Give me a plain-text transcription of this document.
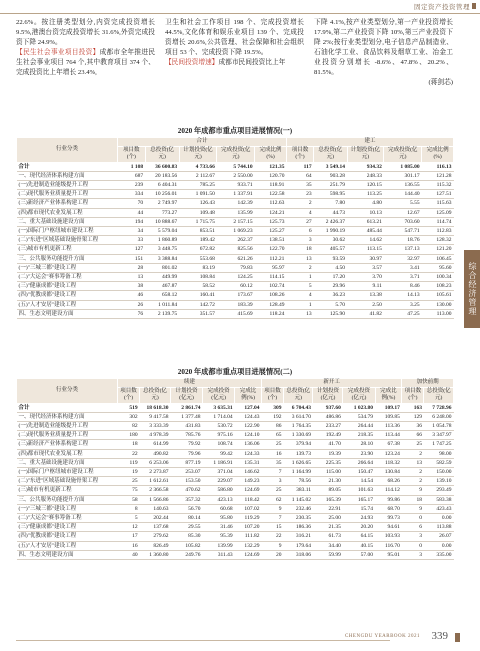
固定资产投资管理

22.6%。按注册类型划分,内资完成投资增长 9.5%,港澳台资完成投资增长 31.6%,外资完成投资下降 24.9%。

【民生社会事业项目投资】成都市全年推进民生社会事业项目 764 个,其中教育项目 374 个、完成投资比上年增长 23.4%,

卫生和社会工作项目 198 个、完成投资增长 44.5%,文化体育和娱乐业项目 139 个、完成投资增长 20.6%,公共管理、社会保障和社会组织项目 53 个、完成投资下降 19.5%。

【民间投资增速】成都市民间投资比上年

下降 4.1%,按产业类型划分,第一产业投资增长 17.9%,第二产业投资下降 10%,第三产业投资下降 2%;按行业类型划分,电子信息产品制造业、石油化学工业、食品饮料及烟草工业、冶金工业投资分别增长 -8.6%、47.8%、20.2%、81.5%。

(蒋剑芯)

综合经济管理
2020 年成都市重点项目进展情况(一)
行业分类	合计					建工				
	项目数(个)	总投资(亿元)	计划投资(亿元)	完成投资(亿元)	完成比例(%)	项目数(个)	总投资(亿元)	计划投资(亿元)	完成投资(亿元)	完成比例(%)
合计	1 108	36 600.83	4 733.66	5 744.10	121.35	117	3 549.14	934.32	1 085.00	116.13
一、现代经济体系构建方面	687	20 183.56	2 112.67	2 550.00	120.70	64	903.28	248.33	301.17	121.28
(一)先进制造业能级提升工程	239	6 404.31	785.25	933.71	118.91	35	251.79	120.15	136.55	115.32
(二)现代服务业质量提升工程	334	10 256.01	1 091.50	1 337.91	122.58	23	598.95	113.25	144.40	127.51
(三)新经济产业体系构建工程	70	2 749.97	126.43	142.39	112.63	2	7.80	4.80	5.55	115.63
(四)都市现代农业发展工程	44	773.27	109.48	135.99	124.21	4	44.73	10.13	12.67	125.09
二、重大基础设施建设方面	194	10 888.67	1 715.75	2 157.15	125.73	27	2 426.37	613.21	703.60	114.74
(一)国际门户枢纽城市建设工程	34	5 579.04	853.51	1 069.23	125.27	6	1 990.19	485.44	547.71	112.83
(二)"东进"区域基础设施骨架工程	33	1 860.89	189.42	262.37	138.51	3	30.62	14.62	18.76	128.32
(三)城市有机更新工程	127	3 448.75	672.82	825.56	122.70	18	405.57	113.15	137.13	121.20
三、公共服务功能提升方面	151	3 388.84	553.68	621.26	112.21	13	93.59	30.97	32.97	106.45
(一)"三城三都"建设工程	28	801.02	83.19	79.83	95.97	2	4.50	3.57	3.41	95.60
(二)"大运会"赛事筹备工程	13	449.99	108.84	124.25	114.15	1	17.20	3.70	3.71	100.34
(三)"健康成都"建设工程	38	467.87	58.52	60.12	102.74	5	29.96	9.11	8.46	108.23
(四)"优教成都"建设工程	46	658.12	160.41	173.67	108.26	4	36.23	13.38	14.13	105.61
(五)"人才安居"建设工程	26	1 011.84	142.72	183.39	128.49	1	5.70	2.50	3.25	130.00
四、生态文明建设方面	76	2 139.75	351.57	415.69	118.24	13	125.90	41.82	47.25	113.00
2020 年成都市重点项目进展情况(二)
行业分类	续建					新开工					加快前期	
	项目数(个)	总投资(亿元)	计划投资(亿元)	完成投资(亿元)	完成比例(%)	项目数(个)	总投资(亿元)	计划投资(亿元)	完成投资(亿元)	完成比例(%)	项目数(个)	总投资(亿元)
合计	519	18 618.30	2 861.74	3 635.31	127.04	309	6 704.43	937.60	1 023.80	109.17	163	7 728.96
一、现代经济体系构建方面	302	9 417.58	1 377.48	1 714.04	124.43	192	3 614.70	486.86	534.79	109.85	129	6 248.00
(一)先进制造业能级提升工程	82	3 333.39	431.83	530.72	122.90	86	1 764.35	233.27	264.44	113.36	36	1 054.78
(二)现代服务业质量提升工程	180	4 978.39	785.76	975.16	124.10	65	1 330.69	192.49	218.35	113.44	66	3 347.97
(三)新经济产业体系构建工程	18	614.99	79.92	108.74	136.06	25	379.94	41.70	28.10	67.38	25	1 747.25
(四)都市现代农业发展工程	22	490.82	79.96	99.42	124.33	16	139.73	19.39	23.90	123.24	2	98.00
二、重大基础设施建设方面	119	6 253.06	877.19	1 186.91	135.31	35	1 626.65	225.35	266.64	118.32	13	582.59
(一)国际门户枢纽城市建设工程	19	2 273.87	253.07	371.04	146.62	7	1 164.99	115.00	150.47	130.84	2	150.00
(二)"东进"区域基础设施骨架工程	25	1 612.61	153.50	229.07	149.23	3	78.56	21.30	14.54	68.26	2	139.10
(三)城市有机更新工程	75	2 366.58	470.62	586.80	124.69	25	383.11	89.05	101.63	114.12	9	293.49
三、公共服务功能提升方面	58	1 566.86	357.32	423.13	118.42	62	1 145.02	165.39	165.17	99.86	18	583.38
(一)"三城三都"建设工程	8	140.63	56.70	60.68	107.02	9	232.46	22.91	15.74	68.70	9	423.43
(二)"大运会"赛事筹备工程	5	202.44	80.14	95.80	119.29	7	230.35	25.00	24.93	99.73	0	0.00
(三)"健康成都"建设工程	12	137.68	29.55	31.46	107.20	15	186.36	21.35	20.20	94.61	6	113.88
(四)"优教成都"建设工程	17	279.62	85.30	95.39	111.82	22	316.21	61.73	64.15	103.93	3	26.07
(五)"人才安居"建设工程	16	826.49	105.82	139.99	132.29	9	179.64	34.40	40.15	116.70	0	0.00
四、生态文明建设方面	40	1 360.80	249.76	311.43	124.69	20	318.06	59.99	57.00	95.01	3	335.00
CHENGDU YEARBOOK 2021 339
